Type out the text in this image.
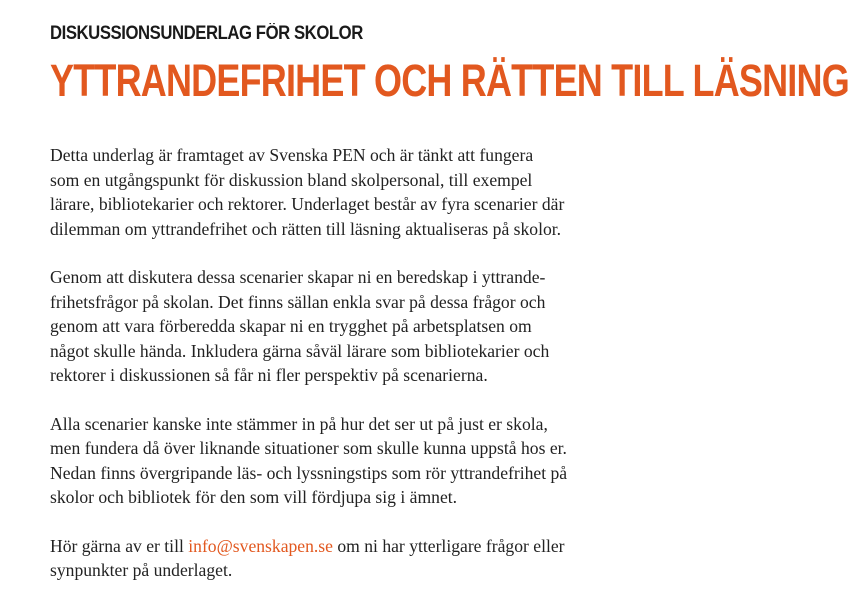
DISKUSSIONSUNDERLAG FÖR SKOLOR
YTTRANDEFRIHET OCH RÄTTEN TILL LÄSNING

Detta underlag är framtaget av Svenska PEN och är tänkt att fungera
som en utgångspunkt för diskussion bland skolpersonal, till exempel
lärare, bibliotekarier och rektorer. Underlaget består av fyra scenarier där
dilemman om yttrandefrihet och rätten till läsning aktualiseras på skolor.

Genom att diskutera dessa scenarier skapar ni en beredskap i yttrande-
frihetsfrågor på skolan. Det finns sällan enkla svar på dessa frågor och
genom att vara förberedda skapar ni en trygghet på arbetsplatsen om
något skulle hända. Inkludera gärna såväl lärare som bibliotekarier och
rektorer i diskussionen så får ni fler perspektiv på scenarierna.

Alla scenarier kanske inte stämmer in på hur det ser ut på just er skola,
men fundera då över liknande situationer som skulle kunna uppstå hos er.
Nedan finns övergripande läs- och lyssningstips som rör yttrandefrihet på
skolor och bibliotek för den som vill fördjupa sig i ämnet.

Hör gärna av er till info@svenskapen.se om ni har ytterligare frågor eller
synpunkter på underlaget.
